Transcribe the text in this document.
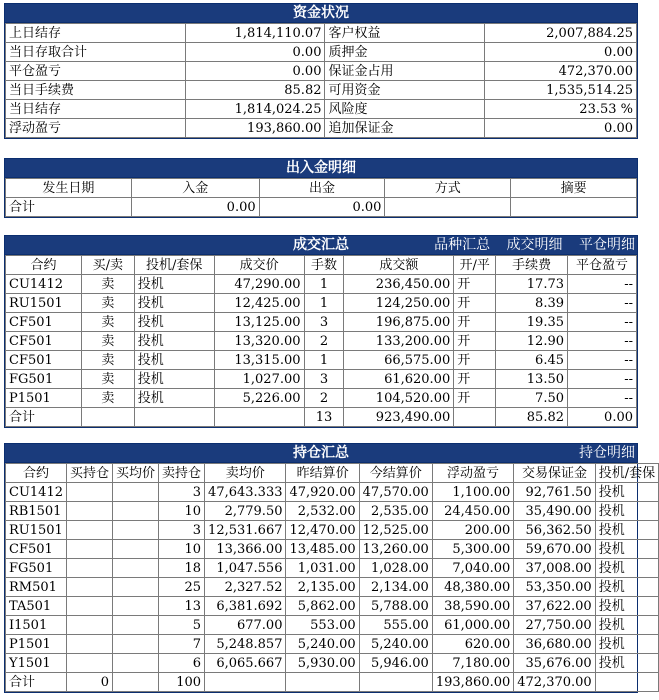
资金状况
上日结存	1,814,110.07	客户权益	2,007,884.25
当日存取合计	0.00	质押金	0.00
平仓盈亏	0.00	保证金占用	472,370.00
当日手续费	85.82	可用资金	1,535,514.25
当日结存	1,814,024.25	风险度	23.53 %
浮动盈亏	193,860.00	追加保证金	0.00
出入金明细
发生日期	入金	出金	方式	摘要
合计	0.00	0.00		
成交汇总	品种汇总 成交明细 平仓明细
合约	买/卖	投机/套保	成交价	手数	成交额	开/平	手续费	平仓盈亏
CU1412	卖	投机	47,290.00	1	236,450.00	开	17.73	--
RU1501	卖	投机	12,425.00	1	124,250.00	开	8.39	--
CF501	卖	投机	13,125.00	3	196,875.00	开	19.35	--
CF501	卖	投机	13,320.00	2	133,200.00	开	12.90	--
CF501	卖	投机	13,315.00	1	66,575.00	开	6.45	--
FG501	卖	投机	1,027.00	3	61,620.00	开	13.50	--
P1501	卖	投机	5,226.00	2	104,520.00	开	7.50	--
合计				13	923,490.00		85.82	0.00
持仓汇总	持仓明细
合约	买持仓	买均价	卖持仓	卖均价	昨结算价	今结算价	浮动盈亏	交易保证金	投机/套保
CU1412			3	47,643.333	47,920.00	47,570.00	1,100.00	92,761.50	投机
RB1501			10	2,779.50	2,532.00	2,535.00	24,450.00	35,490.00	投机
RU1501			3	12,531.667	12,470.00	12,525.00	200.00	56,362.50	投机
CF501			10	13,366.00	13,485.00	13,260.00	5,300.00	59,670.00	投机
FG501			18	1,047.556	1,031.00	1,028.00	7,040.00	37,008.00	投机
RM501			25	2,327.52	2,135.00	2,134.00	48,380.00	53,350.00	投机
TA501			13	6,381.692	5,862.00	5,788.00	38,590.00	37,622.00	投机
I1501			5	677.00	553.00	555.00	61,000.00	27,750.00	投机
P1501			7	5,248.857	5,240.00	5,240.00	620.00	36,680.00	投机
Y1501			6	6,065.667	5,930.00	5,946.00	7,180.00	35,676.00	投机
合计	0		100				193,860.00	472,370.00	
